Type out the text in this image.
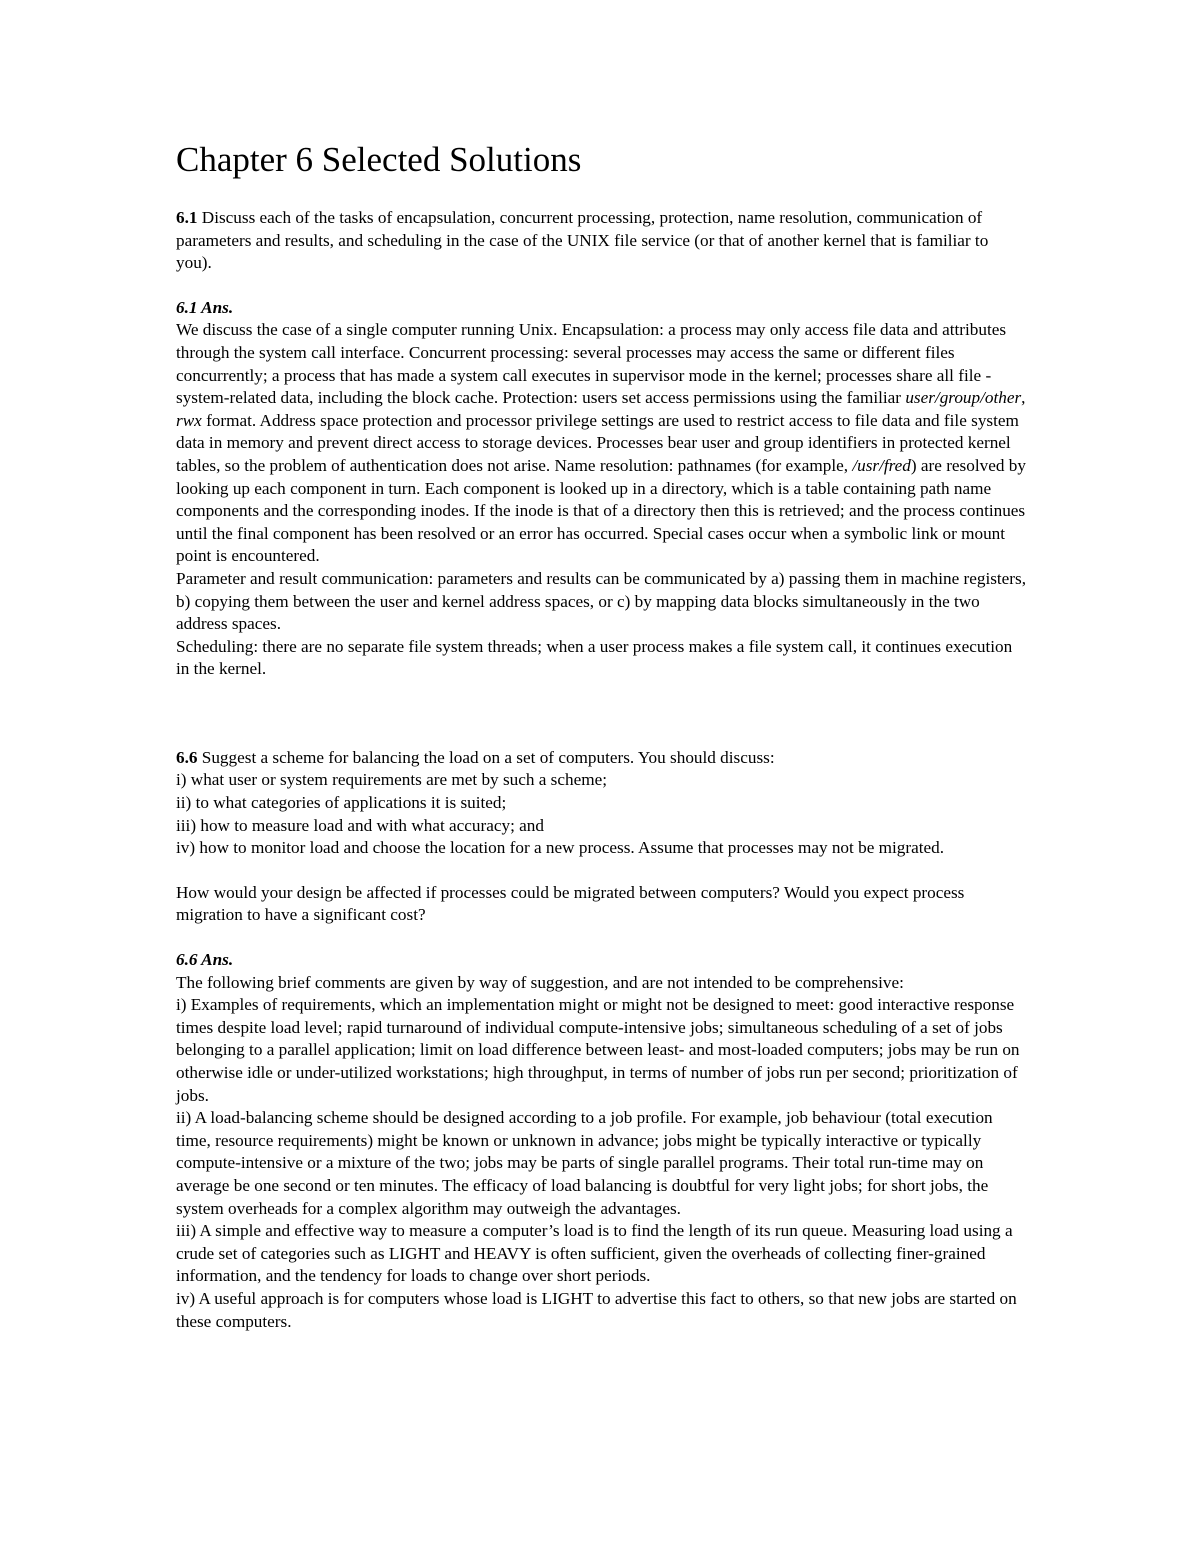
Chapter 6 Selected Solutions

6.1 Discuss each of the tasks of encapsulation, concurrent processing, protection, name resolution, communication of parameters and results, and scheduling in the case of the UNIX file service (or that of another kernel that is familiar to you).

6.1 Ans.

We discuss the case of a single computer running Unix. Encapsulation: a process may only access file data and attributes through the system call interface. Concurrent processing: several processes may access the same or different files concurrently; a process that has made a system call executes in supervisor mode in the kernel; processes share all file -system-related data, including the block cache. Protection: users set access permissions using the familiar user/group/other, rwx format. Address space protection and processor privilege settings are used to restrict access to file data and file system data in memory and prevent direct access to storage devices. Processes bear user and group identifiers in protected kernel tables, so the problem of authentication does not arise. Name resolution: pathnames (for example, /usr/fred) are resolved by looking up each component in turn. Each component is looked up in a directory, which is a table containing path name components and the corresponding inodes. If the inode is that of a directory then this is retrieved; and the process continues until the final component has been resolved or an error has occurred. Special cases occur when a symbolic link or mount point is encountered.

Parameter and result communication: parameters and results can be communicated by a) passing them in machine registers, b) copying them between the user and kernel address spaces, or c) by mapping data blocks simultaneously in the two address spaces.

Scheduling: there are no separate file system threads; when a user process makes a file system call, it continues execution in the kernel.

6.6 Suggest a scheme for balancing the load on a set of computers. You should discuss:

i) what user or system requirements are met by such a scheme;

ii) to what categories of applications it is suited;

iii) how to measure load and with what accuracy; and

iv) how to monitor load and choose the location for a new process. Assume that processes may not be migrated.

How would your design be affected if processes could be migrated between computers? Would you expect process migration to have a significant cost?

6.6 Ans.

The following brief comments are given by way of suggestion, and are not intended to be comprehensive:

i) Examples of requirements, which an implementation might or might not be designed to meet: good interactive response times despite load level; rapid turnaround of individual compute-intensive jobs; simultaneous scheduling of a set of jobs belonging to a parallel application; limit on load difference between least- and most-loaded computers; jobs may be run on otherwise idle or under-utilized workstations; high throughput, in terms of number of jobs run per second; prioritization of jobs.

ii) A load-balancing scheme should be designed according to a job profile. For example, job behaviour (total execution time, resource requirements) might be known or unknown in advance; jobs might be typically interactive or typically compute-intensive or a mixture of the two; jobs may be parts of single parallel programs. Their total run-time may on average be one second or ten minutes. The efficacy of load balancing is doubtful for very light jobs; for short jobs, the system overheads for a complex algorithm may outweigh the advantages.

iii) A simple and effective way to measure a computer’s load is to find the length of its run queue. Measuring load using a crude set of categories such as LIGHT and HEAVY is often sufficient, given the overheads of collecting finer-grained information, and the tendency for loads to change over short periods.

iv) A useful approach is for computers whose load is LIGHT to advertise this fact to others, so that new jobs are started on these computers.
